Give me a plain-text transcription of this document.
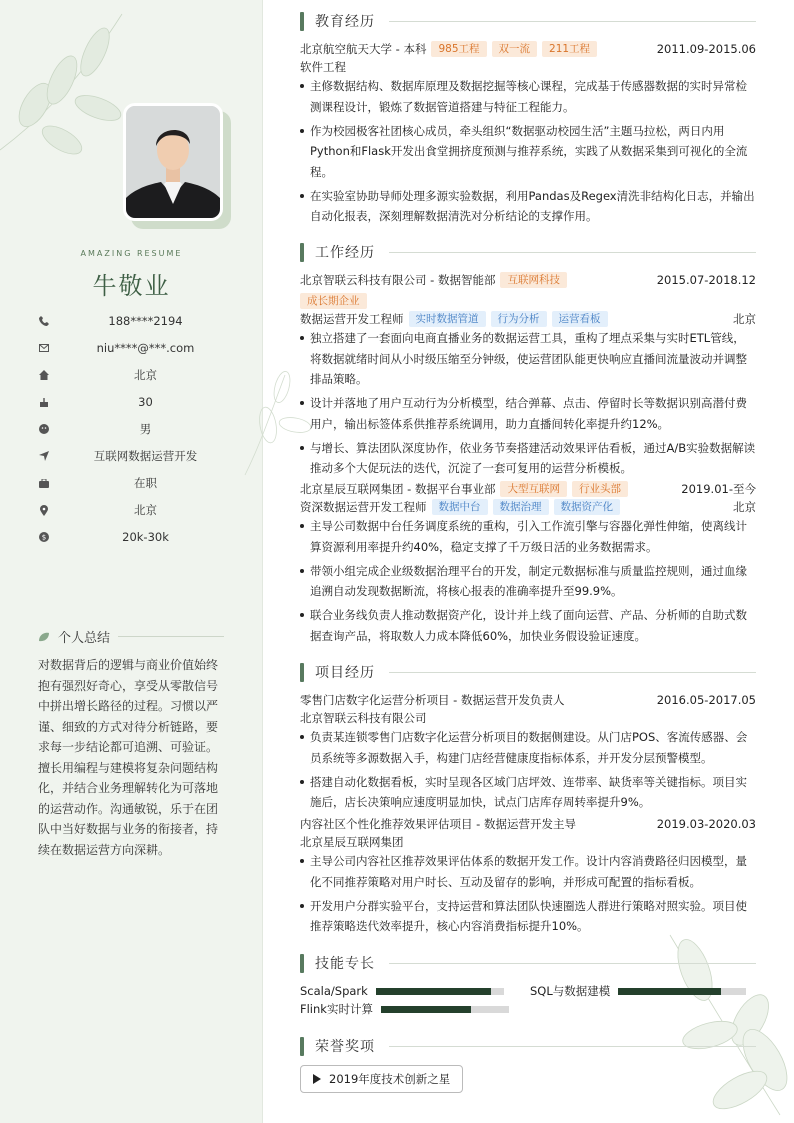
AMAZING RESUME
牛敬业
188****2194
niu****@***.com
北京
30
男
互联网数据运营开发
在职
北京
$	20k-30k
个人总结
对数据背后的逻辑与商业价值始终抱有强烈好奇心，享受从零散信号中拼出增长路径的过程。习惯以严谨、细致的方式对待分析链路，要求每一步结论都可追溯、可验证。擅长用编程与建模将复杂问题结构化，并结合业务理解转化为可落地的运营动作。沟通敏锐，乐于在团队中当好数据与业务的衔接者，持续在数据运营方向深耕。
教育经历
北京航空航天大学 - 本科	985工程	双一流	211工程	2011.09-2015.06
软件工程
主修数据结构、数据库原理及数据挖掘等核心课程，完成基于传感器数据的实时异常检测课程设计，锻炼了数据管道搭建与特征工程能力。
作为校园极客社团核心成员，牵头组织“数据驱动校园生活”主题马拉松，两日内用Python和Flask开发出食堂拥挤度预测与推荐系统，实践了从数据采集到可视化的全流程。
在实验室协助导师处理多源实验数据，利用Pandas及Regex清洗非结构化日志，并输出自动化报表，深刻理解数据清洗对分析结论的支撑作用。
工作经历
北京智联云科技有限公司 - 数据智能部	互联网科技	2015.07-2018.12
成长期企业
数据运营开发工程师	实时数据管道	行为分析	运营看板	北京
独立搭建了一套面向电商直播业务的数据运营工具，重构了埋点采集与实时ETL管线，将数据就绪时间从小时级压缩至分钟级，使运营团队能更快响应直播间流量波动并调整排品策略。
设计并落地了用户互动行为分析模型，结合弹幕、点击、停留时长等数据识别高潜付费用户，输出标签体系供推荐系统调用，助力直播间转化率提升约12%。
与增长、算法团队深度协作，依业务节奏搭建活动效果评估看板，通过A/B实验数据解读推动多个大促玩法的迭代，沉淀了一套可复用的运营分析模板。
北京星辰互联网集团 - 数据平台事业部	大型互联网	行业头部	2019.01-至今
资深数据运营开发工程师	数据中台	数据治理	数据资产化	北京
主导公司数据中台任务调度系统的重构，引入工作流引擎与容器化弹性伸缩，使离线计算资源利用率提升约40%，稳定支撑了千万级日活的业务数据需求。
带领小组完成企业级数据治理平台的开发，制定元数据标准与质量监控规则，通过血缘追溯自动发现数据断流，将核心报表的准确率提升至99.9%。
联合业务线负责人推动数据资产化，设计并上线了面向运营、产品、分析师的自助式数据查询产品，将取数人力成本降低60%，加快业务假设验证速度。
项目经历
零售门店数字化运营分析项目 - 数据运营开发负责人	2016.05-2017.05
北京智联云科技有限公司
负责某连锁零售门店数字化运营分析项目的数据侧建设。从门店POS、客流传感器、会员系统等多源数据入手，构建门店经营健康度指标体系，并开发分层预警模型。
搭建自动化数据看板，实时呈现各区域门店坪效、连带率、缺货率等关键指标。项目实施后，店长决策响应速度明显加快，试点门店库存周转率提升9%。
内容社区个性化推荐效果评估项目 - 数据运营开发主导	2019.03-2020.03
北京星辰互联网集团
主导公司内容社区推荐效果评估体系的数据开发工作。设计内容消费路径归因模型，量化不同推荐策略对用户时长、互动及留存的影响，并形成可配置的指标看板。
开发用户分群实验平台，支持运营和算法团队快速圈选人群进行策略对照实验。项目使推荐策略迭代效率提升，核心内容消费指标提升10%。
技能专长
Scala/Spark	SQL与数据建模
Flink实时计算
荣誉奖项
2019年度技术创新之星
